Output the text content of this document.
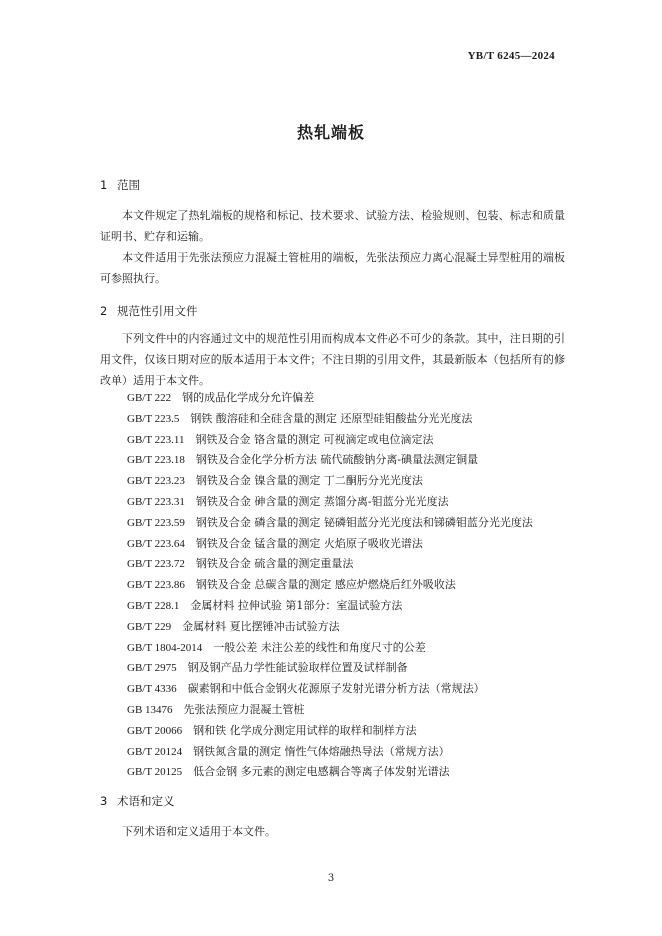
YB/T 6245—2024
热轧端板
1 范围

本文件规定了热轧端板的规格和标记、技术要求、试验方法、检验规则、包装、标志和质量证明书、贮存和运输。

本文件适用于先张法预应力混凝土管桩用的端板，先张法预应力离心混凝土异型桩用的端板可参照执行。

2 规范性引用文件

下列文件中的内容通过文中的规范性引用而构成本文件必不可少的条款。其中，注日期的引用文件，仅该日期对应的版本适用于本文件；不注日期的引用文件，其最新版本（包括所有的修改单）适用于本文件。

GB/T 222  钢的成品化学成分允许偏差
GB/T 223.5  钢铁 酸溶硅和全硅含量的测定 还原型硅钼酸盐分光光度法
GB/T 223.11  钢铁及合金 铬含量的测定 可视滴定或电位滴定法
GB/T 223.18  钢铁及合金化学分析方法 硫代硫酸钠分离-碘量法测定铜量
GB/T 223.23  钢铁及合金 镍含量的测定 丁二酮肟分光光度法
GB/T 223.31  钢铁及合金 砷含量的测定 蒸馏分离-钼蓝分光光度法
GB/T 223.59  钢铁及合金 磷含量的测定 铋磷钼蓝分光光度法和锑磷钼蓝分光光度法
GB/T 223.64  钢铁及合金 锰含量的测定 火焰原子吸收光谱法
GB/T 223.72  钢铁及合金 硫含量的测定重量法
GB/T 223.86  钢铁及合金 总碳含量的测定 感应炉燃烧后红外吸收法
GB/T 228.1  金属材料 拉伸试验 第1部分：室温试验方法
GB/T 229  金属材料 夏比摆锤冲击试验方法
GB/T 1804-2014  一般公差 未注公差的线性和角度尺寸的公差
GB/T 2975  钢及钢产品力学性能试验取样位置及试样制备
GB/T 4336  碳素钢和中低合金钢火花源原子发射光谱分析方法（常规法）
GB 13476  先张法预应力混凝土管桩
GB/T 20066  钢和铁 化学成分测定用试样的取样和制样方法
GB/T 20124  钢铁氮含量的测定 惰性气体熔融热导法（常规方法）
GB/T 20125  低合金钢 多元素的测定电感耦合等离子体发射光谱法
3 术语和定义

下列术语和定义适用于本文件。

3
